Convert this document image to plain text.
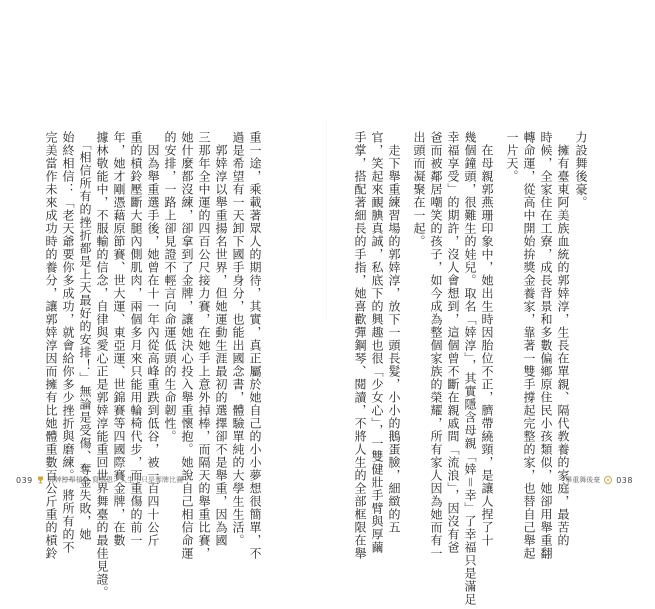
重一途，乘載著眾人的期待，其實，真正屬於她自己的小小夢想很簡單，不
過是希望有一天卸下國手身分，也能出國念書，體驗單純的大學生生活。
　郭婞淳以舉重揚名世界，但她運動生涯最初的選擇卻不是舉重，因為國
三那年全中運的四百公尺接力賽，在她手上意外掉棒，而隔天的舉重比賽，
她什麼都沒練，卻拿到了金牌，讓她決心投入舉重懷抱。她說自己相信命運
的安排，一路上卻見證不輕言向命運低頭的生命韌性。
　因為舉重選手後，她曾在十一年內從高峰重跌到低谷，被一百四十公斤
重的槓鈴壓斷大腿內側肌肉，兩個多月來只能用輪椅代步，而重傷的前一
年，她才剛憑藉原節賽、世大運、東亞運、世錦賽等四國際賽金牌，在數
據林敬能中，不服輸的信念，自律與愛心正是郭婞淳能重回世界舞臺的最佳見證。
　「相信所有的挫折都是上天最好的安排！」無論是受傷、奪金失敗，她
始終相信：「老天爺要你多成功，就會給你多少挫折與磨練。」將所有的不
完美當作未來成功時的養分，讓郭婞淳因而擁有比她體重數百公斤重的槓鈴
039 郭婞淳舉槓鈴 寫感恩：人生不只是奪牌比賽
力設舞後豪。
　擁有臺東阿美族血統的郭婞淳，生長在單親、隔代教養的家庭，最苦的
時候，全家住在工寮，成長背景和多數偏鄉原住民小孩類似，她卻用舉重翻
轉命運，從高中開始拚獎金養家，靠著一雙手撐起完整的家，也替自己舉起
一片天。
　在母親郭燕珊印象中，她出生時因胎位不正，臍帶繞頸，是讓人捏了十
幾個鐘頭，很難生的娃兒。取名「婞淳」，其實隱含母親「婞＝幸」了幸福只是滿足
幸福享受」的期許，沒人會想到，這個曾不斷在親戚間「流浪」，因沒有爸
爸而被鄰居嘲笑的孩子，如今成為整個家族的榮耀，所有家人因為她而有一
出頭而凝聚在一起。
　走下舉重練習場的郭婞淳，放下一頭長髮，小小的鵝蛋臉，細緻的五
官，笑起來靦腆真誠，私底下的興趣也很「少女心」，一雙健壯手臂與厚繭
手掌，搭配著細長的手指，她喜歡彈鋼琴、閱讀，不將人生的全部框限在舉	舉重舞後豪 ○ 038
